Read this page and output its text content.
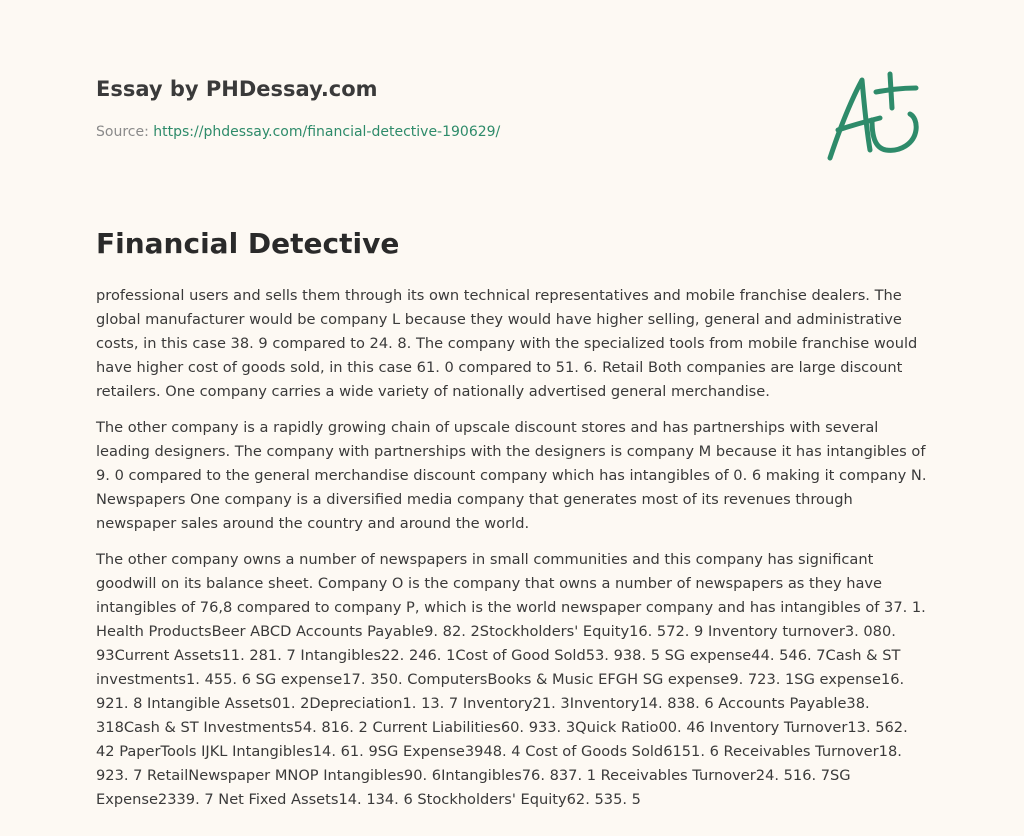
Essay by PHDessay.com
Source: https://phdessay.com/financial-detective-190629/
Financial Detective

professional users and sells them through its own technical representatives and mobile franchise dealers. The global manufacturer would be company L because they would have higher selling, general and administrative costs, in this case 38. 9 compared to 24. 8. The company with the specialized tools from mobile franchise would have higher cost of goods sold, in this case 61. 0 compared to 51. 6. Retail Both companies are large discount retailers. One company carries a wide variety of nationally advertised general merchandise.

The other company is a rapidly growing chain of upscale discount stores and has partnerships with several leading designers. The company with partnerships with the designers is company M because it has intangibles of 9. 0 compared to the general merchandise discount company which has intangibles of 0. 6 making it company N. Newspapers One company is a diversified media company that generates most of its revenues through newspaper sales around the country and around the world.

The other company owns a number of newspapers in small communities and this company has significant goodwill on its balance sheet. Company O is the company that owns a number of newspapers as they have intangibles of 76,8 compared to company P, which is the world newspaper company and has intangibles of 37. 1. Health ProductsBeer ABCD Accounts Payable9. 82. 2Stockholders' Equity16. 572. 9 Inventory turnover3. 080. 93Current Assets11. 281. 7 Intangibles22. 246. 1Cost of Good Sold53. 938. 5 SG expense44. 546. 7Cash & ST investments1. 455. 6 SG expense17. 350. ComputersBooks & Music EFGH SG expense9. 723. 1SG expense16. 921. 8 Intangible Assets01. 2Depreciation1. 13. 7 Inventory21. 3Inventory14. 838. 6 Accounts Payable38. 318Cash & ST Investments54. 816. 2 Current Liabilities60. 933. 3Quick Ratio00. 46 Inventory Turnover13. 562. 42 PaperTools IJKL Intangibles14. 61. 9SG Expense3948. 4 Cost of Goods Sold6151. 6 Receivables Turnover18. 923. 7 RetailNewspaper MNOP Intangibles90. 6Intangibles76. 837. 1 Receivables Turnover24. 516. 7SG Expense2339. 7 Net Fixed Assets14. 134. 6 Stockholders' Equity62. 535. 5
